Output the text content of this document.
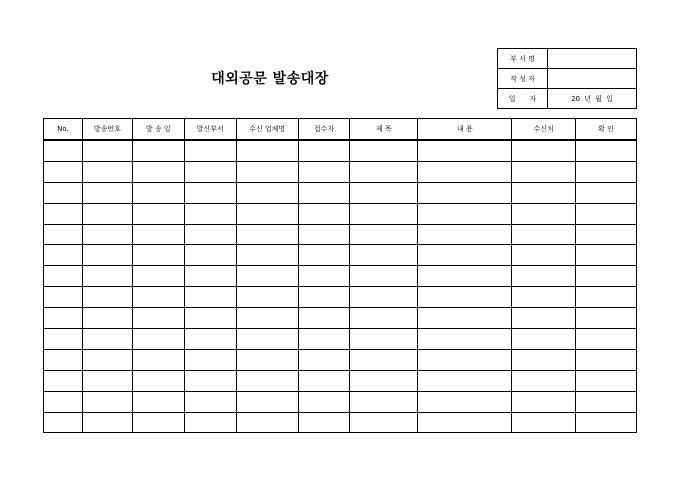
대외공문 발송대장
부 서 명	
작 성 자	
일　　자	20 년 월 일
No.	발송번호	발 송 일	발신부서	수신 업체명	접수자	제 목	내 용	수신처	확 인
